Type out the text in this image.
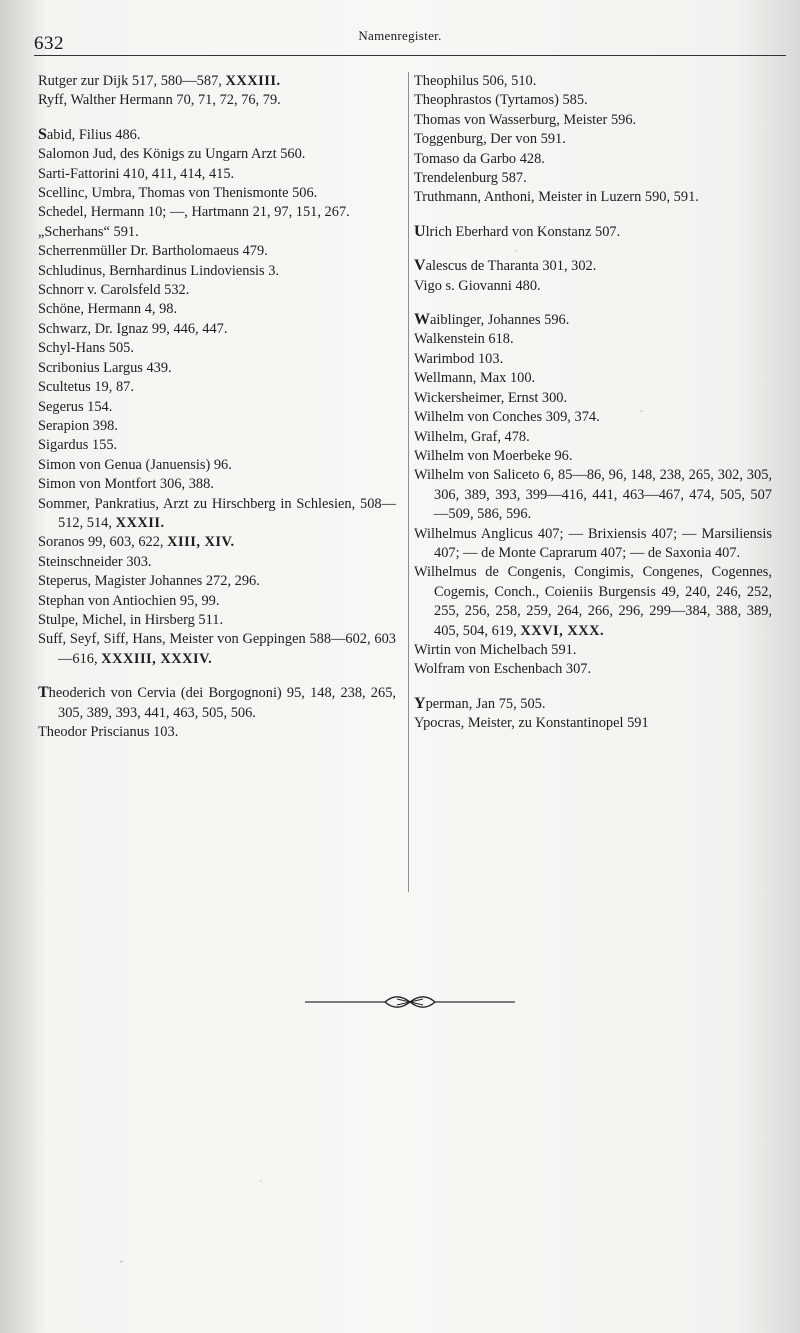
632	Namenregister.

Rutger zur Dijk 517, 580—587, XXXIII.

Ryff, Walther Hermann 70, 71, 72, 76, 79.

Sabid, Filius 486.

Salomon Jud, des Königs zu Ungarn Arzt 560.

Sarti-Fattorini 410, 411, 414, 415.

Scellinc, Umbra, Thomas von Thenismonte 506.

Schedel, Hermann 10; —, Hartmann 21, 97, 151, 267.

„Scherhans“ 591.

Scherrenmüller Dr. Bartholomaeus 479.

Schludinus, Bernhardinus Lindoviensis 3.

Schnorr v. Carolsfeld 532.

Schöne, Hermann 4, 98.

Schwarz, Dr. Ignaz 99, 446, 447.

Schyl-Hans 505.

Scribonius Largus 439.

Scultetus 19, 87.

Segerus 154.

Serapion 398.

Sigardus 155.

Simon von Genua (Januensis) 96.

Simon von Montfort 306, 388.

Sommer, Pankratius, Arzt zu Hirschberg in Schlesien, 508—512, 514, XXXII.

Soranos 99, 603, 622, XIII, XIV.

Steinschneider 303.

Steperus, Magister Johannes 272, 296.

Stephan von Antiochien 95, 99.

Stulpe, Michel, in Hirsberg 511.

Suff, Seyf, Siff, Hans, Meister von Geppingen 588—602, 603—616, XXXIII, XXXIV.

Theoderich von Cervia (dei Borgognoni) 95, 148, 238, 265, 305, 389, 393, 441, 463, 505, 506.

Theodor Priscianus 103.

Theophilus 506, 510.

Theophrastos (Tyrtamos) 585.

Thomas von Wasserburg, Meister 596.

Toggenburg, Der von 591.

Tomaso da Garbo 428.

Trendelenburg 587.

Truthmann, Anthoni, Meister in Luzern 590, 591.

Ulrich Eberhard von Konstanz 507.

Valescus de Tharanta 301, 302.

Vigo s. Giovanni 480.

Waiblinger, Johannes 596.

Walkenstein 618.

Warimbod 103.

Wellmann, Max 100.

Wickersheimer, Ernst 300.

Wilhelm von Conches 309, 374.

Wilhelm, Graf, 478.

Wilhelm von Moerbeke 96.

Wilhelm von Saliceto 6, 85—86, 96, 148, 238, 265, 302, 305, 306, 389, 393, 399—416, 441, 463—467, 474, 505, 507—509, 586, 596.

Wilhelmus Anglicus 407; — Brixiensis 407; — Marsiliensis 407; — de Monte Caprarum 407; — de Saxonia 407.

Wilhelmus de Congenis, Congimis, Congenes, Cogennes, Cogemis, Conch., Coieniis Burgensis 49, 240, 246, 252, 255, 256, 258, 259, 264, 266, 296, 299—384, 388, 389, 405, 504, 619, XXVI, XXX.

Wirtin von Michelbach 591.

Wolfram von Eschenbach 307.

Yperman, Jan 75, 505.

Ypocras, Meister, zu Konstantinopel 591
